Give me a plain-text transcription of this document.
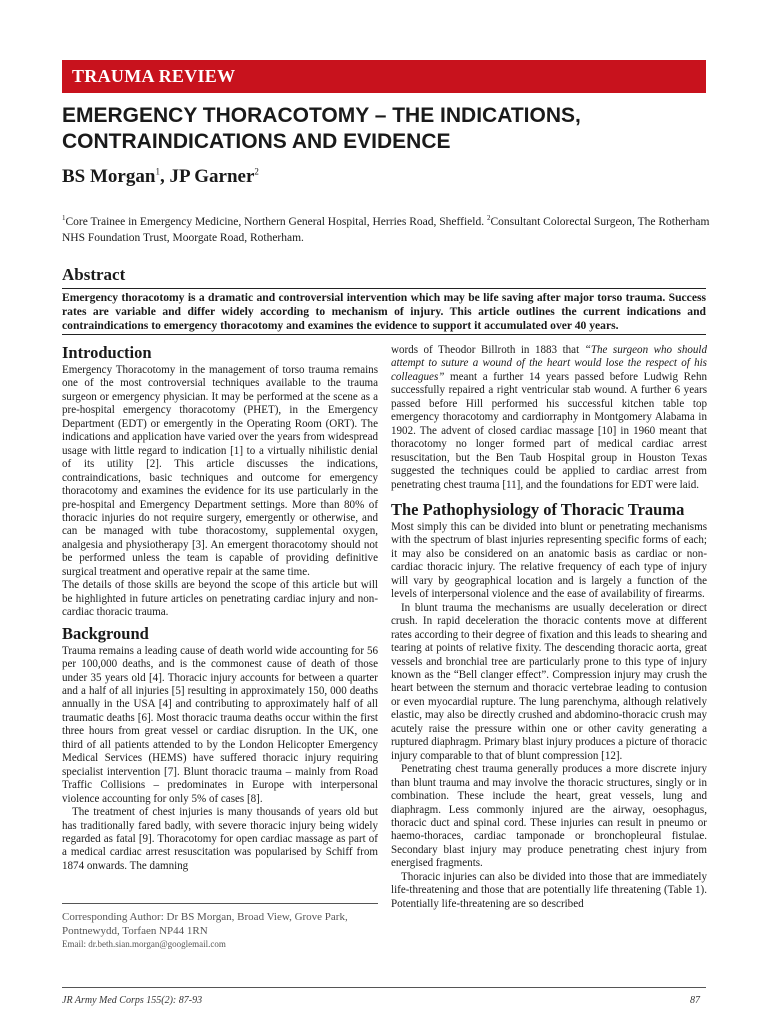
TRAUMA REVIEW
EMERGENCY THORACOTOMY – THE INDICATIONS,
CONTRAINDICATIONS AND EVIDENCE
BS Morgan$^1$, JP Garner$^2$
$^1$Core Trainee in Emergency Medicine, Northern General Hospital, Herries Road, Sheffield. $^2$Consultant Colorectal Surgeon, The Rotherham NHS Foundation Trust, Moorgate Road, Rotherham.
Abstract
Emergency thoracotomy is a dramatic and controversial intervention which may be life saving after major torso trauma. Success rates are variable and differ widely according to mechanism of injury. This article outlines the current indications and contraindications to emergency thoracotomy and examines the evidence to support it accumulated over 40 years.
Introduction

Emergency Thoracotomy in the management of torso trauma remains one of the most controversial techniques available to the trauma surgeon or emergency physician. It may be performed at the scene as a pre-hospital emergency thoracotomy (PHET), in the Emergency Department (EDT) or emergently in the Operating Room (ORT). The indications and application have varied over the years from widespread usage with little regard to indication [1] to a virtually nihilistic denial of its utility [2]. This article discusses the indications, contraindications, basic techniques and outcome for emergency thoracotomy and examines the evidence for its use particularly in the pre-hospital and Emergency Department settings. More than 80% of thoracic injuries do not require surgery, emergently or otherwise, and can be managed with tube thoracostomy, supplemental oxygen, analgesia and physiotherapy [3]. An emergent thoracotomy should not be performed unless the team is capable of providing definitive surgical treatment and operative repair at the same time.

The details of those skills are beyond the scope of this article but will be highlighted in future articles on penetrating cardiac injury and non-cardiac thoracic trauma.

Background

Trauma remains a leading cause of death world wide accounting for 56 per 100,000 deaths, and is the commonest cause of death of those under 35 years old [4]. Thoracic injury accounts for between a quarter and a half of all injuries [5] resulting in approximately 150, 000 deaths annually in the USA [4] and contributing to approximately half of all traumatic deaths [6]. Most thoracic trauma deaths occur within the first three hours from great vessel or cardiac disruption. In the UK, one third of all patients attended to by the London Helicopter Emergency Medical Services (HEMS) have suffered thoracic injury requiring specialist intervention [7]. Blunt thoracic trauma – mainly from Road Traffic Collisions – predominates in Europe with interpersonal violence accounting for only 5% of cases [8].

The treatment of chest injuries is many thousands of years old but has traditionally fared badly, with severe thoracic injury being widely regarded as fatal [9]. Thoracotomy for open cardiac massage as part of a medical cardiac arrest resuscitation was popularised by Schiff from 1874 onwards. The damning

words of Theodor Billroth in 1883 that “The surgeon who should attempt to suture a wound of the heart would lose the respect of his colleagues” meant a further 14 years passed before Ludwig Rehn successfully repaired a right ventricular stab wound. A further 6 years passed before Hill performed his successful kitchen table top emergency thoracotomy and cardiorraphy in Montgomery Alabama in 1902. The advent of closed cardiac massage [10] in 1960 meant that thoracotomy no longer formed part of medical cardiac arrest resuscitation, but the Ben Taub Hospital group in Houston Texas suggested the techniques could be applied to cardiac arrest from penetrating chest trauma [11], and the foundations for EDT were laid.

The Pathophysiology of Thoracic Trauma

Most simply this can be divided into blunt or penetrating mechanisms with the spectrum of blast injuries representing specific forms of each; it may also be considered on an anatomic basis as cardiac or non-cardiac thoracic injury. The relative frequency of each type of injury will vary by geographical location and is largely a function of the levels of interpersonal violence and the ease of availability of firearms.

In blunt trauma the mechanisms are usually deceleration or direct crush. In rapid deceleration the thoracic contents move at different rates according to their degree of fixation and this leads to shearing and tearing at points of relative fixity. The descending thoracic aorta, great vessels and bronchial tree are particularly prone to this type of injury known as the “Bell clanger effect”. Compression injury may crush the heart between the sternum and thoracic vertebrae leading to contusion or even myocardial rupture. The lung parenchyma, although relatively elastic, may also be directly crushed and abdomino-thoracic crush may acutely raise the pressure within one or other cavity generating a ruptured diaphragm. Primary blast injury produces a picture of thoracic injury comparable to that of blunt compression [12].

Penetrating chest trauma generally produces a more discrete injury than blunt trauma and may involve the thoracic structures, singly or in combination. These include the heart, great vessels, lung and diaphragm. Less commonly injured are the airway, oesophagus, thoracic duct and spinal cord. These injuries can result in pneumo or haemo-thoraces, cardiac tamponade or bronchopleural fistulae. Secondary blast injury may produce penetrating chest injury from energised fragments.

Thoracic injuries can also be divided into those that are immediately life-threatening and those that are potentially life threatening (Table 1). Potentially life-threatening are so described

Corresponding Author: Dr BS Morgan, Broad View, Grove Park, Pontnewydd, Torfaen NP44 1RN
Email: dr.beth.sian.morgan@googlemail.com
JR Army Med Corps 155(2): 87-93	87
